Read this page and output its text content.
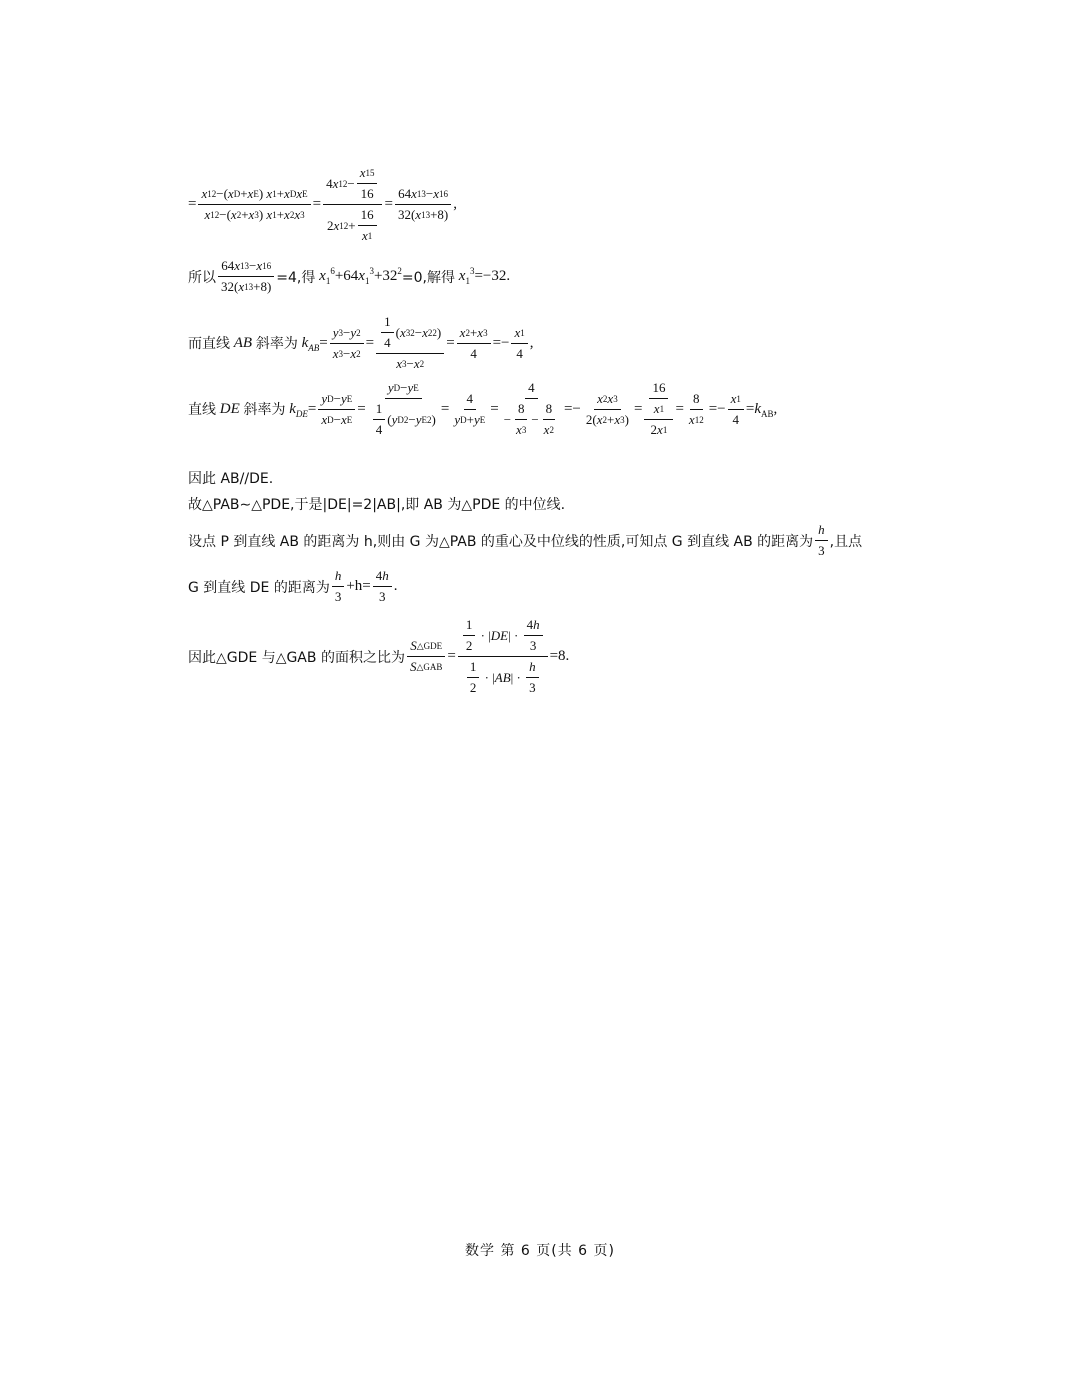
= $\frac{\text{x 1 2 −( x D + x E ) x 1 + x D x E}}{x 1 2 -( x 2 + x 3 ) x 1 + x 2 x 3} = \frac{4 x 1 2 - \frac{x 1 5}{16}}{2 x 1 2 + \frac{16}{x 1}} = \frac{64 x 1 3 - x 1 6}{32( x 1 3 +8)}$ ,
所以 $\frac{64 x 1 3 - x 1 6}{32( x 1 3 +8)} =4$,得 $x_1^6+64x_1^3+32^2 =0$,解得 $x_1^3 =-32$.
而直线 AB 斜率为 $k_{AB} = \frac{y 3 - y 2}{x 3 - x 2} = \frac{\frac{1}{4} ( x 3 2 - x 2 2 )}{x 3 - x 2} = \frac{x 2 + x 3}{4} =- \frac{x 1}{4}$ ,
直线 DE 斜率为 $k_{DE} = \frac{\text{y D − y E}}{\text{x D − x E}} = \frac{\text{y D − y E}}{\frac{1}{4} ( y D 2 - y E 2 )} = \frac{4}{\text{y D + y E}} = \frac{4}{- \frac{8}{x 3} - \frac{8}{x 2}} =- \frac{x 2 x 3}{2( x 2 + x 3 )} = \frac{\frac{16}{x 1}}{2 x 1} = \frac{8}{x 1 2} =- \frac{x 1}{4} =k_{AB}$,
因此 AB//DE.
故△PAB∼△PDE,于是|DE|=2|AB|,即 AB 为△PDE 的中位线.
设点 P 到直线 AB 的距离为 h,则由 G 为△PAB 的重心及中位线的性质,可知点 G 到直线 AB 的距离为 $\frac{h}{3}$ ,且点
G 到直线 DE 的距离为 $\frac{h}{3} +h= \frac{4 h}{3}$ .
因此△GDE 与△GAB 的面积之比为 $\frac{\text{S △GDE}}{\text{S △GAB}} = \frac{\frac{1}{2} \cdot | DE | \cdot \frac{4 h}{3}}{\frac{1}{2} \cdot | AB | \cdot \frac{h}{3}} =8$.
数学 第 6 页(共 6 页)
